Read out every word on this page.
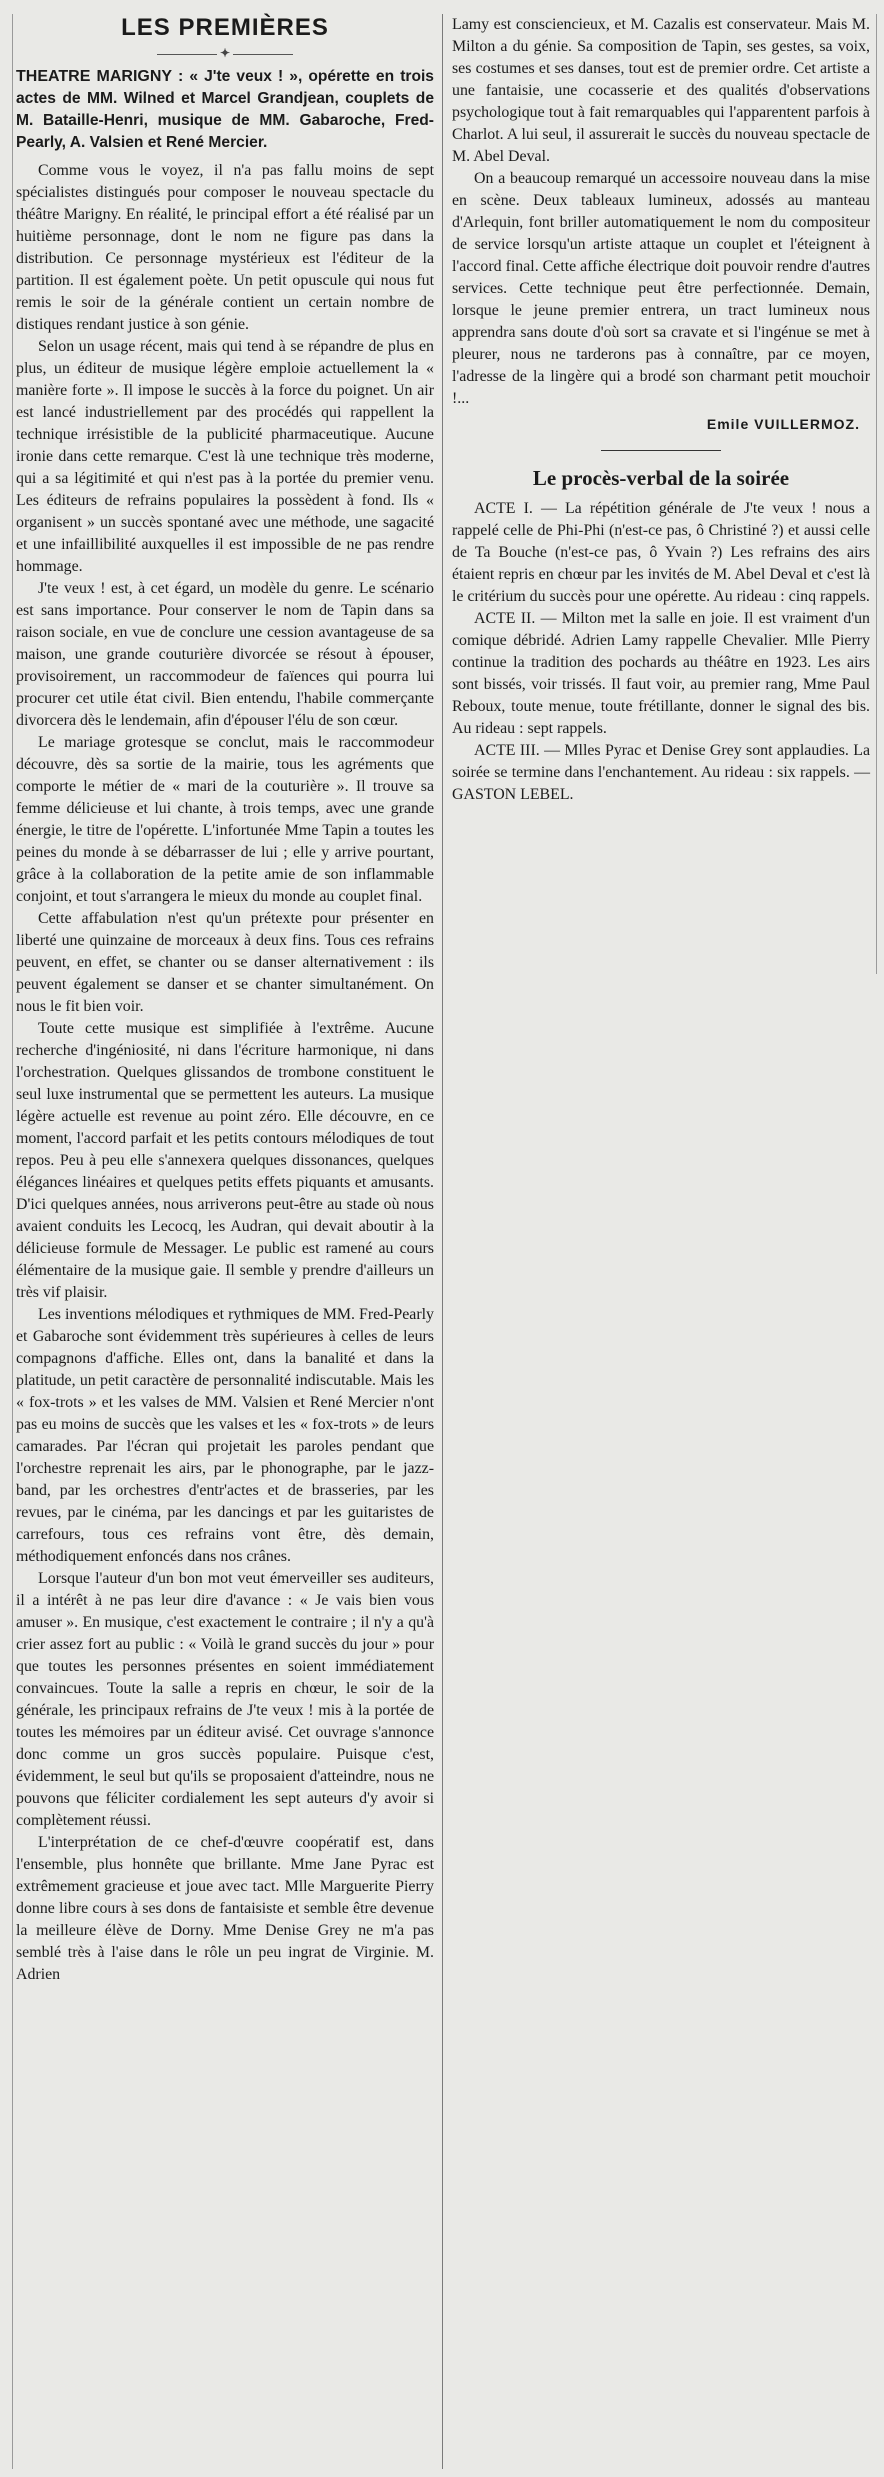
LES PREMIÈRES
✦
THEATRE MARIGNY : « J'te veux ! », opérette en trois actes de MM. Wilned et Marcel Grandjean, couplets de M. Bataille-Henri, musique de MM. Gabaroche, Fred-Pearly, A. Valsien et René Mercier.

Comme vous le voyez, il n'a pas fallu moins de sept spécialistes distingués pour composer le nouveau spectacle du théâtre Marigny. En réalité, le principal effort a été réalisé par un huitième personnage, dont le nom ne figure pas dans la distribution. Ce personnage mystérieux est l'éditeur de la partition. Il est également poète. Un petit opuscule qui nous fut remis le soir de la générale contient un certain nombre de distiques rendant justice à son génie.

Selon un usage récent, mais qui tend à se répandre de plus en plus, un éditeur de musique légère emploie actuellement la « manière forte ». Il impose le succès à la force du poignet. Un air est lancé industriellement par des procédés qui rappellent la technique irrésistible de la publicité pharmaceutique. Aucune ironie dans cette remarque. C'est là une technique très moderne, qui a sa légitimité et qui n'est pas à la portée du premier venu. Les éditeurs de refrains populaires la possèdent à fond. Ils « organisent » un succès spontané avec une méthode, une sagacité et une infaillibilité auxquelles il est impossible de ne pas rendre hommage.

J'te veux ! est, à cet égard, un modèle du genre. Le scénario est sans importance. Pour conserver le nom de Tapin dans sa raison sociale, en vue de conclure une cession avantageuse de sa maison, une grande couturière divorcée se résout à épouser, provisoirement, un raccommodeur de faïences qui pourra lui procurer cet utile état civil. Bien entendu, l'habile commerçante divorcera dès le lendemain, afin d'épouser l'élu de son cœur.

Le mariage grotesque se conclut, mais le raccommodeur découvre, dès sa sortie de la mairie, tous les agréments que comporte le métier de « mari de la couturière ». Il trouve sa femme délicieuse et lui chante, à trois temps, avec une grande énergie, le titre de l'opérette. L'infortunée Mme Tapin a toutes les peines du monde à se débarrasser de lui ; elle y arrive pourtant, grâce à la collaboration de la petite amie de son inflammable conjoint, et tout s'arrangera le mieux du monde au couplet final.

Cette affabulation n'est qu'un prétexte pour présenter en liberté une quinzaine de morceaux à deux fins. Tous ces refrains peuvent, en effet, se chanter ou se danser alternativement : ils peuvent également se danser et se chanter simultanément. On nous le fit bien voir.

Toute cette musique est simplifiée à l'extrême. Aucune recherche d'ingéniosité, ni dans l'écriture harmonique, ni dans l'orchestration. Quelques glissandos de trombone constituent le seul luxe instrumental que se permettent les auteurs. La musique légère actuelle est revenue au point zéro. Elle découvre, en ce moment, l'accord parfait et les petits contours mélodiques de tout repos. Peu à peu elle s'annexera quelques dissonances, quelques élégances linéaires et quelques petits effets piquants et amusants. D'ici quelques années, nous arriverons peut-être au stade où nous avaient conduits les Lecocq, les Audran, qui devait aboutir à la délicieuse formule de Messager. Le public est ramené au cours élémentaire de la musique gaie. Il semble y prendre d'ailleurs un très vif plaisir.

Les inventions mélodiques et rythmiques de MM. Fred-Pearly et Gabaroche sont évidemment très supérieures à celles de leurs compagnons d'affiche. Elles ont, dans la banalité et dans la platitude, un petit caractère de personnalité indiscutable. Mais les « fox-trots » et les valses de MM. Valsien et René Mercier n'ont pas eu moins de succès que les valses et les « fox-trots » de leurs camarades. Par l'écran qui projetait les paroles pendant que l'orchestre reprenait les airs, par le phonographe, par le jazz-band, par les orchestres d'entr'actes et de brasseries, par les revues, par le cinéma, par les dancings et par les guitaristes de carrefours, tous ces refrains vont être, dès demain, méthodiquement enfoncés dans nos crânes.

Lorsque l'auteur d'un bon mot veut émerveiller ses auditeurs, il a intérêt à ne pas leur dire d'avance : « Je vais bien vous amuser ». En musique, c'est exactement le contraire ; il n'y a qu'à crier assez fort au public : « Voilà le grand succès du jour » pour que toutes les personnes présentes en soient immédiatement convaincues. Toute la salle a repris en chœur, le soir de la générale, les principaux refrains de J'te veux ! mis à la portée de toutes les mémoires par un éditeur avisé. Cet ouvrage s'annonce donc comme un gros succès populaire. Puisque c'est, évidemment, le seul but qu'ils se proposaient d'atteindre, nous ne pouvons que féliciter cordialement les sept auteurs d'y avoir si complètement réussi.

L'interprétation de ce chef-d'œuvre coopératif est, dans l'ensemble, plus honnête que brillante. Mme Jane Pyrac est extrêmement gracieuse et joue avec tact. Mlle Marguerite Pierry donne libre cours à ses dons de fantaisiste et semble être devenue la meilleure élève de Dorny. Mme Denise Grey ne m'a pas semblé très à l'aise dans le rôle un peu ingrat de Virginie. M. Adrien

Lamy est consciencieux, et M. Cazalis est conservateur. Mais M. Milton a du génie. Sa composition de Tapin, ses gestes, sa voix, ses costumes et ses danses, tout est de premier ordre. Cet artiste a une fantaisie, une cocasserie et des qualités d'observations psychologique tout à fait remarquables qui l'apparentent parfois à Charlot. A lui seul, il assurerait le succès du nouveau spectacle de M. Abel Deval.

On a beaucoup remarqué un accessoire nouveau dans la mise en scène. Deux tableaux lumineux, adossés au manteau d'Arlequin, font briller automatiquement le nom du compositeur de service lorsqu'un artiste attaque un couplet et l'éteignent à l'accord final. Cette affiche électrique doit pouvoir rendre d'autres services. Cette technique peut être perfectionnée. Demain, lorsque le jeune premier entrera, un tract lumineux nous apprendra sans doute d'où sort sa cravate et si l'ingénue se met à pleurer, nous ne tarderons pas à connaître, par ce moyen, l'adresse de la lingère qui a brodé son charmant petit mouchoir !...

Emile VUILLERMOZ.
Le procès-verbal de la soirée

ACTE I. — La répétition générale de J'te veux ! nous a rappelé celle de Phi-Phi (n'est-ce pas, ô Christiné ?) et aussi celle de Ta Bouche (n'est-ce pas, ô Yvain ?) Les refrains des airs étaient repris en chœur par les invités de M. Abel Deval et c'est là le critérium du succès pour une opérette. Au rideau : cinq rappels.

ACTE II. — Milton met la salle en joie. Il est vraiment d'un comique débridé. Adrien Lamy rappelle Chevalier. Mlle Pierry continue la tradition des pochards au théâtre en 1923. Les airs sont bissés, voir trissés. Il faut voir, au premier rang, Mme Paul Reboux, toute menue, toute frétillante, donner le signal des bis. Au rideau : sept rappels.

ACTE III. — Mlles Pyrac et Denise Grey sont applaudies. La soirée se termine dans l'enchantement. Au rideau : six rappels. — GASTON LEBEL.
